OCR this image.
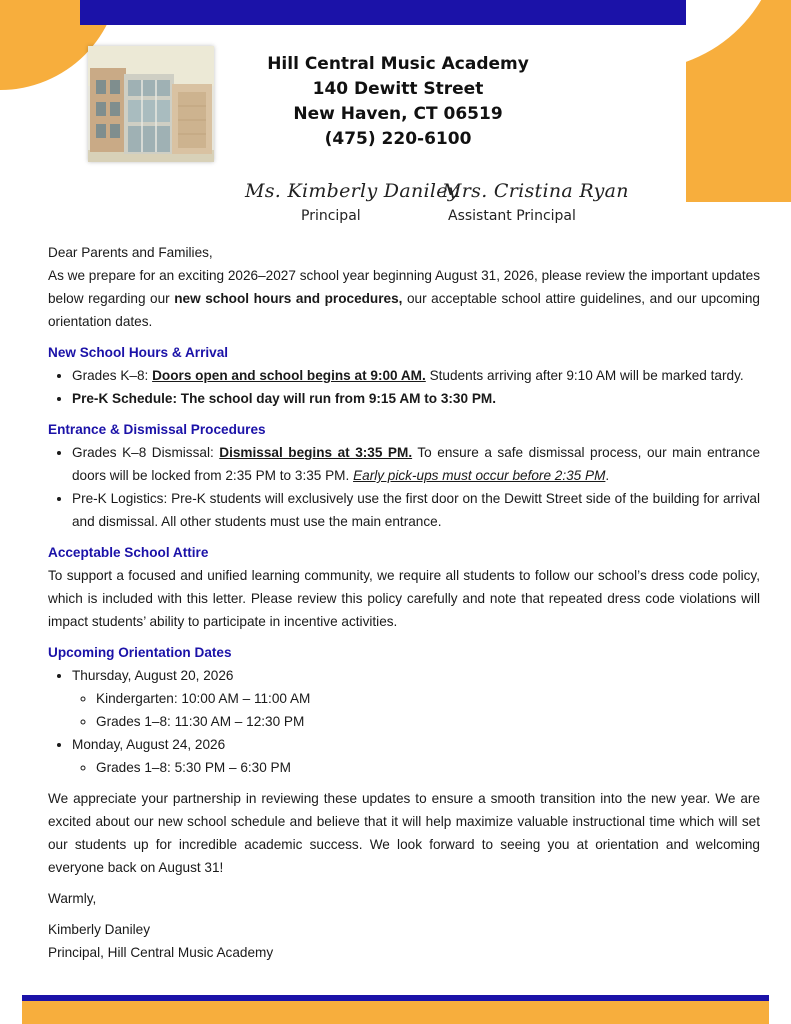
Hill Central Music Academy
140 Dewitt Street
New Haven, CT 06519
(475) 220-6100
Ms. Kimberly Daniley
Mrs. Cristina Ryan
Principal	Assistant Principal

Dear Parents and Families,

As we prepare for an exciting 2026–2027 school year beginning August 31, 2026, please review the important updates below regarding our new school hours and procedures, our acceptable school attire guidelines, and our upcoming orientation dates.

New School Hours & Arrival
• Grades K–8: Doors open and school begins at 9:00 AM. Students arriving after 9:10 AM will be marked tardy.
• Pre-K Schedule: The school day will run from 9:15 AM to 3:30 PM.
Entrance & Dismissal Procedures
• Grades K–8 Dismissal: Dismissal begins at 3:35 PM. To ensure a safe dismissal process, our main entrance doors will be locked from 2:35 PM to 3:35 PM. Early pick-ups must occur before 2:35 PM.
• Pre-K Logistics: Pre-K students will exclusively use the first door on the Dewitt Street side of the building for arrival and dismissal. All other students must use the main entrance.
Acceptable School Attire

To support a focused and unified learning community, we require all students to follow our school’s dress code policy, which is included with this letter. Please review this policy carefully and note that repeated dress code violations will impact students’ ability to participate in incentive activities.

Upcoming Orientation Dates
• Thursday, August 20, 2026
◦ Kindergarten: 10:00 AM – 11:00 AM
◦ Grades 1–8: 11:30 AM – 12:30 PM
• Monday, August 24, 2026
◦ Grades 1–8: 5:30 PM – 6:30 PM

We appreciate your partnership in reviewing these updates to ensure a smooth transition into the new year. We are excited about our new school schedule and believe that it will help maximize valuable instructional time which will set our students up for incredible academic success. We look forward to seeing you at orientation and welcoming everyone back on August 31!

Warmly,

Kimberly Daniley

Principal, Hill Central Music Academy
